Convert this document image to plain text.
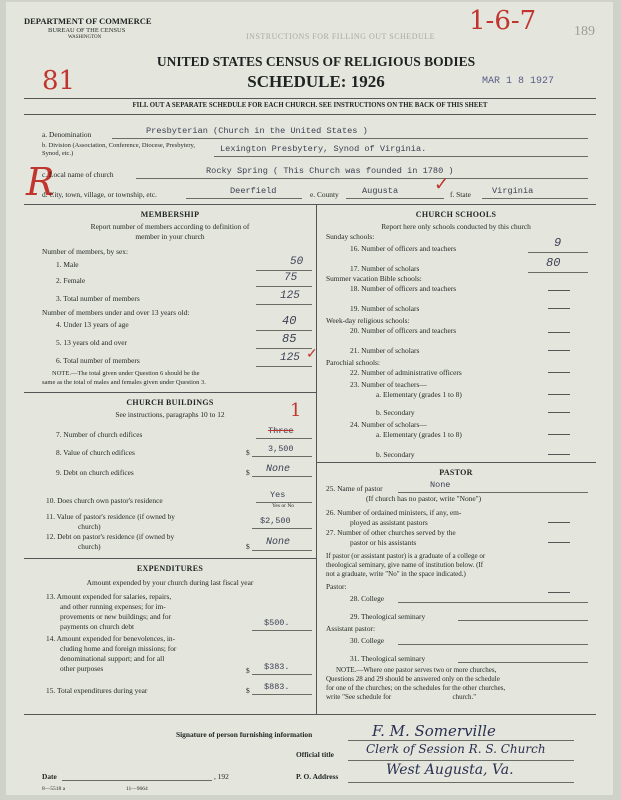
DEPARTMENT OF COMMERCE
BUREAU OF THE CENSUS
WASHINGTON	INSTRUCTIONS FOR FILLING OUT SCHEDULE	189
1-6-7
81
R
UNITED STATES CENSUS OF RELIGIOUS BODIES
SCHEDULE: 1926	MAR 1 8 1927
FILL OUT A SEPARATE SCHEDULE FOR EACH CHURCH. SEE INSTRUCTIONS ON THE BACK OF THIS SHEET
a. Denomination	Presbyterian (Church in the United States )
b. Division (Association, Conference, Diocese, Presbytery, Synod, etc.)	Lexington Presbytery, Synod of Virginia.
c. Local name of church	Rocky Spring ( This Church was founded in 1780 )
d. City, town, village, or township, etc.	Deerfield	e. County	Augusta ✓ f. State Virginia
MEMBERSHIP
Report number of members according to definition of
member in your church
Number of members, by sex:
1. Male	50
2. Female	75
3. Total number of members	125
Number of members under and over 13 years old:
4. Under 13 years of age	40
5. 13 years old and over	85
6. Total number of members	125 ✓
NOTE.—The total given under Question 6 should be the
same as the total of males and females given under Question 3.
CHURCH BUILDINGS
See instructions, paragraphs 10 to 12	1
7. Number of church edifices	Three
8. Value of church edifices	$ 3,500
9. Debt on church edifices	$ None
10. Does church own pastor's residence
Yes
Yes or No
11. Value of pastor's residence (if owned by
church)
$2,500
12. Debt on pastor's residence (if owned by
church)	$ None
EXPENDITURES
Amount expended by your church during last fiscal year
13. Amount expended for salaries, repairs,
and other running expenses; for im-
provements or new buildings; and for
payments on church debt	$500.
14. Amount expended for benevolences, in-
cluding home and foreign missions; for
denominational support; and for all
other purposes	$ $383.
15. Total expenditures during year	$ $883.
CHURCH SCHOOLS
Report here only schools conducted by this church
Sunday schools:
16. Number of officers and teachers	9
17. Number of scholars	80
Summer vacation Bible schools:
18. Number of officers and teachers
19. Number of scholars
Week-day religious schools:
20. Number of officers and teachers
21. Number of scholars
Parochial schools:
22. Number of administrative officers
23. Number of teachers—
a. Elementary (grades 1 to 8)
b. Secondary
24. Number of scholars—
a. Elementary (grades 1 to 8)
b. Secondary
PASTOR
25. Name of pastor	None
(If church has no pastor, write "None")
26. Number of ordained ministers, if any, em-
ployed as assistant pastors
27. Number of other churches served by the
pastor or his assistants
If pastor (or assistant pastor) is a graduate of a college or
theological seminary, give name of institution below. (If
not a graduate, write "No" in the space indicated.)
Pastor:
28. College
29. Theological seminary
Assistant pastor:
30. College
31. Theological seminary
NOTE.—Where one pastor serves two or more churches,
Questions 28 and 29 should be answered only on the schedule
for one of the churches; on the schedules for the other churches,
write "See schedule for                                   church."
Signature of person furnishing information	F. M. Somerville
Official title	Clerk of Session R. S. Church
Date	, 192	P. O. Address	West Augusta, Va.
8—5518 a	11—9664
